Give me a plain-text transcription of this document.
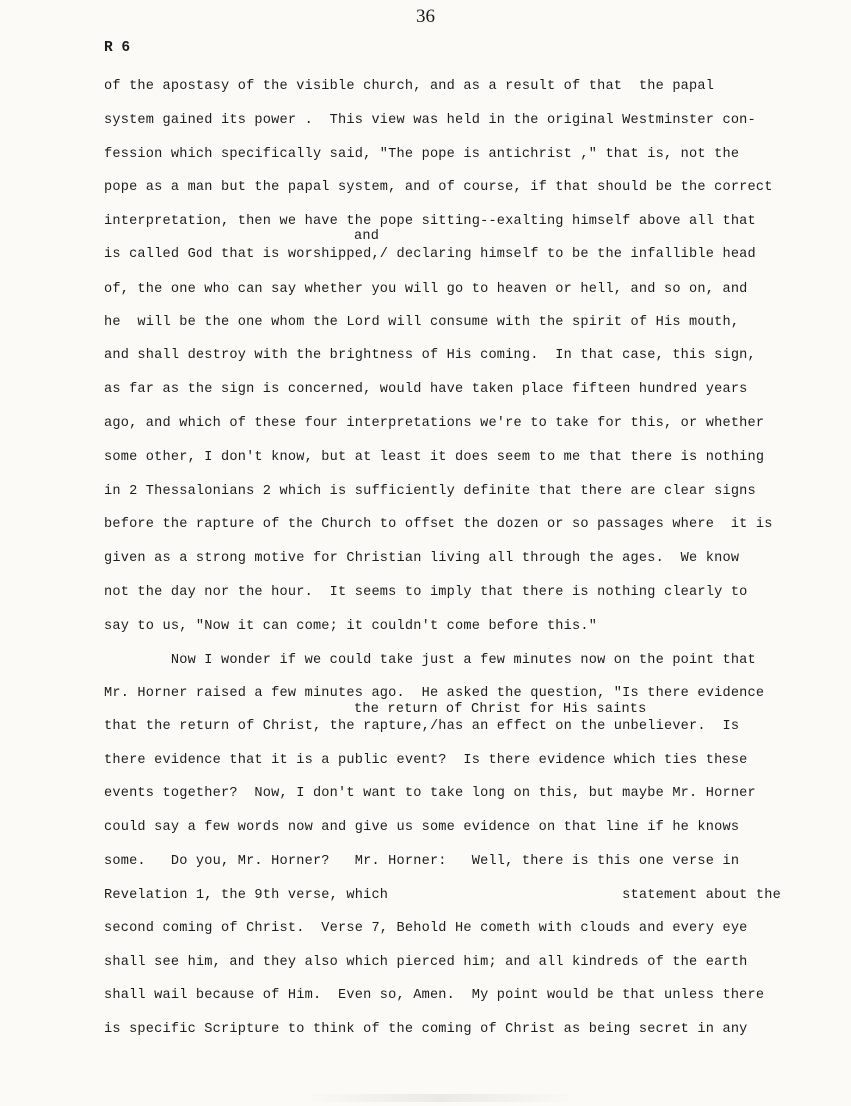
36
R 6
and
the return of Christ for His saints
of the apostasy of the visible church, and as a result of that  the papal
system gained its power .  This view was held in the original Westminster con-
fession which specifically said, "The pope is antichrist ," that is, not the
pope as a man but the papal system, and of course, if that should be the correct
interpretation, then we have the pope sitting--exalting himself above all that
is called God that is worshipped,/ declaring himself to be the infallible head
of, the one who can say whether you will go to heaven or hell, and so on, and
he  will be the one whom the Lord will consume with the spirit of His mouth,
and shall destroy with the brightness of His coming.  In that case, this sign,
as far as the sign is concerned, would have taken place fifteen hundred years
ago, and which of these four interpretations we're to take for this, or whether
some other, I don't know, but at least it does seem to me that there is nothing
in 2 Thessalonians 2 which is sufficiently definite that there are clear signs
before the rapture of the Church to offset the dozen or so passages where  it is
given as a strong motive for Christian living all through the ages.  We know
not the day nor the hour.  It seems to imply that there is nothing clearly to
say to us, "Now it can come; it couldn't come before this."
Now I wonder if we could take just a few minutes now on the point that
Mr. Horner raised a few minutes ago.  He asked the question, "Is there evidence
that the return of Christ, the rapture,/has an effect on the unbeliever.  Is
there evidence that it is a public event?  Is there evidence which ties these
events together?  Now, I don't want to take long on this, but maybe Mr. Horner
could say a few words now and give us some evidence on that line if he knows
some.   Do you, Mr. Horner?   Mr. Horner:   Well, there is this one verse in
Revelation 1, the 9th verse, which                            statement about the
second coming of Christ.  Verse 7, Behold He cometh with clouds and every eye
shall see him, and they also which pierced him; and all kindreds of the earth
shall wail because of Him.  Even so, Amen.  My point would be that unless there
is specific Scripture to think of the coming of Christ as being secret in any
